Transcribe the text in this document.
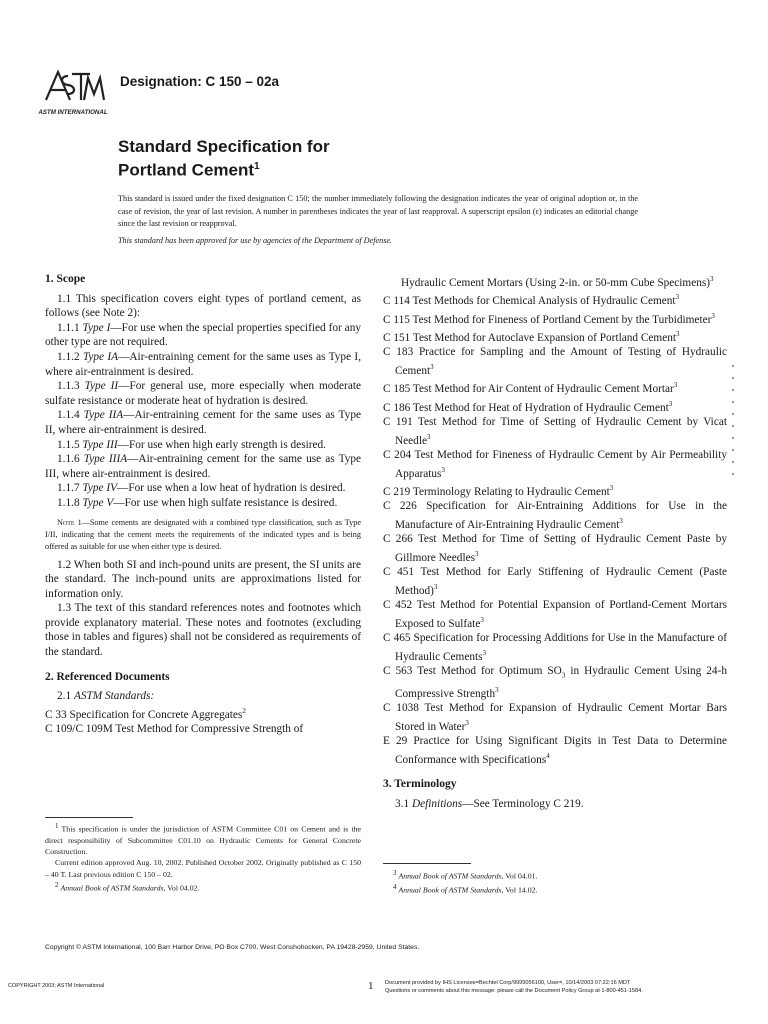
ASTM INTERNATIONAL
Designation: C 150 – 02a
Standard Specification for
Portland Cement$^1$
This standard is issued under the fixed designation C 150; the number immediately following the designation indicates the year of original adoption or, in the case of revision, the year of last revision. A number in parentheses indicates the year of last reapproval. A superscript epsilon (ε) indicates an editorial change since the last revision or reapproval.
This standard has been approved for use by agencies of the Department of Defense.
1. Scope
1.1 This specification covers eight types of portland cement, as follows (see Note 2):
1.1.1 Type I—For use when the special properties specified for any other type are not required.
1.1.2 Type IA—Air-entraining cement for the same uses as Type I, where air-entrainment is desired.
1.1.3 Type II—For general use, more especially when moderate sulfate resistance or moderate heat of hydration is desired.
1.1.4 Type IIA—Air-entraining cement for the same uses as Type II, where air-entrainment is desired.
1.1.5 Type III—For use when high early strength is desired.
1.1.6 Type IIIA—Air-entraining cement for the same use as Type III, where air-entrainment is desired.
1.1.7 Type IV—For use when a low heat of hydration is desired.
1.1.8 Type V—For use when high sulfate resistance is desired.
Note 1—Some cements are designated with a combined type classification, such as Type I/II, indicating that the cement meets the requirements of the indicated types and is being offered as suitable for use when either type is desired.
1.2 When both SI and inch-pound units are present, the SI units are the standard. The inch-pound units are approximations listed for information only.
1.3 The text of this standard references notes and footnotes which provide explanatory material. These notes and footnotes (excluding those in tables and figures) shall not be considered as requirements of the standard.
2. Referenced Documents
2.1 ASTM Standards:
C 33 Specification for Concrete Aggregates$^2$
C 109/C 109M Test Method for Compressive Strength of
Hydraulic Cement Mortars (Using 2-in. or 50-mm Cube Specimens)$^3$
C 114 Test Methods for Chemical Analysis of Hydraulic Cement$^3$
C 115 Test Method for Fineness of Portland Cement by the Turbidimeter$^3$
C 151 Test Method for Autoclave Expansion of Portland Cement$^3$
C 183 Practice for Sampling and the Amount of Testing of Hydraulic Cement$^3$
C 185 Test Method for Air Content of Hydraulic Cement Mortar$^3$
C 186 Test Method for Heat of Hydration of Hydraulic Cement$^3$
C 191 Test Method for Time of Setting of Hydraulic Cement by Vicat Needle$^3$
C 204 Test Method for Fineness of Hydraulic Cement by Air Permeability Apparatus$^3$
C 219 Terminology Relating to Hydraulic Cement$^3$
C 226 Specification for Air-Entraining Additions for Use in the Manufacture of Air-Entraining Hydraulic Cement$^3$
C 266 Test Method for Time of Setting of Hydraulic Cement Paste by Gillmore Needles$^3$
C 451 Test Method for Early Stiffening of Hydraulic Cement (Paste Method)$^3$
C 452 Test Method for Potential Expansion of Portland-Cement Mortars Exposed to Sulfate$^3$
C 465 Specification for Processing Additions for Use in the Manufacture of Hydraulic Cements$^3$
C 563 Test Method for Optimum $SO_3$ in Hydraulic Cement Using 24-h Compressive Strength$^3$
C 1038 Test Method for Expansion of Hydraulic Cement Mortar Bars Stored in Water$^3$
E 29 Practice for Using Significant Digits in Test Data to Determine Conformance with Specifications$^4$
3. Terminology
3.1 Definitions—See Terminology C 219.
$^1$ This specification is under the jurisdiction of ASTM Committee C01 on Cement and is the direct responsibility of Subcommittee C01.10 on Hydraulic Cements for General Concrete Construction.
Current edition approved Aug. 10, 2002. Published October 2002. Originally published as C 150 – 40 T. Last previous edition C 150 – 02.
$^2$ Annual Book of ASTM Standards, Vol 04.02.
$^3$ Annual Book of ASTM Standards, Vol 04.01.
$^4$ Annual Book of ASTM Standards, Vol 14.02.
Copyright © ASTM International, 100 Barr Harbor Drive, PO Box C700, West Conshohocken, PA 19428-2959, United States.
COPYRIGHT 2003; ASTM International	1 Document provided by IHS Licensee=Bechtel Corp/9999056100, User=, 10/14/2003 07:22:16 MDT Questions or comments about this message: please call the Document Policy Group at 1-800-451-1584.
